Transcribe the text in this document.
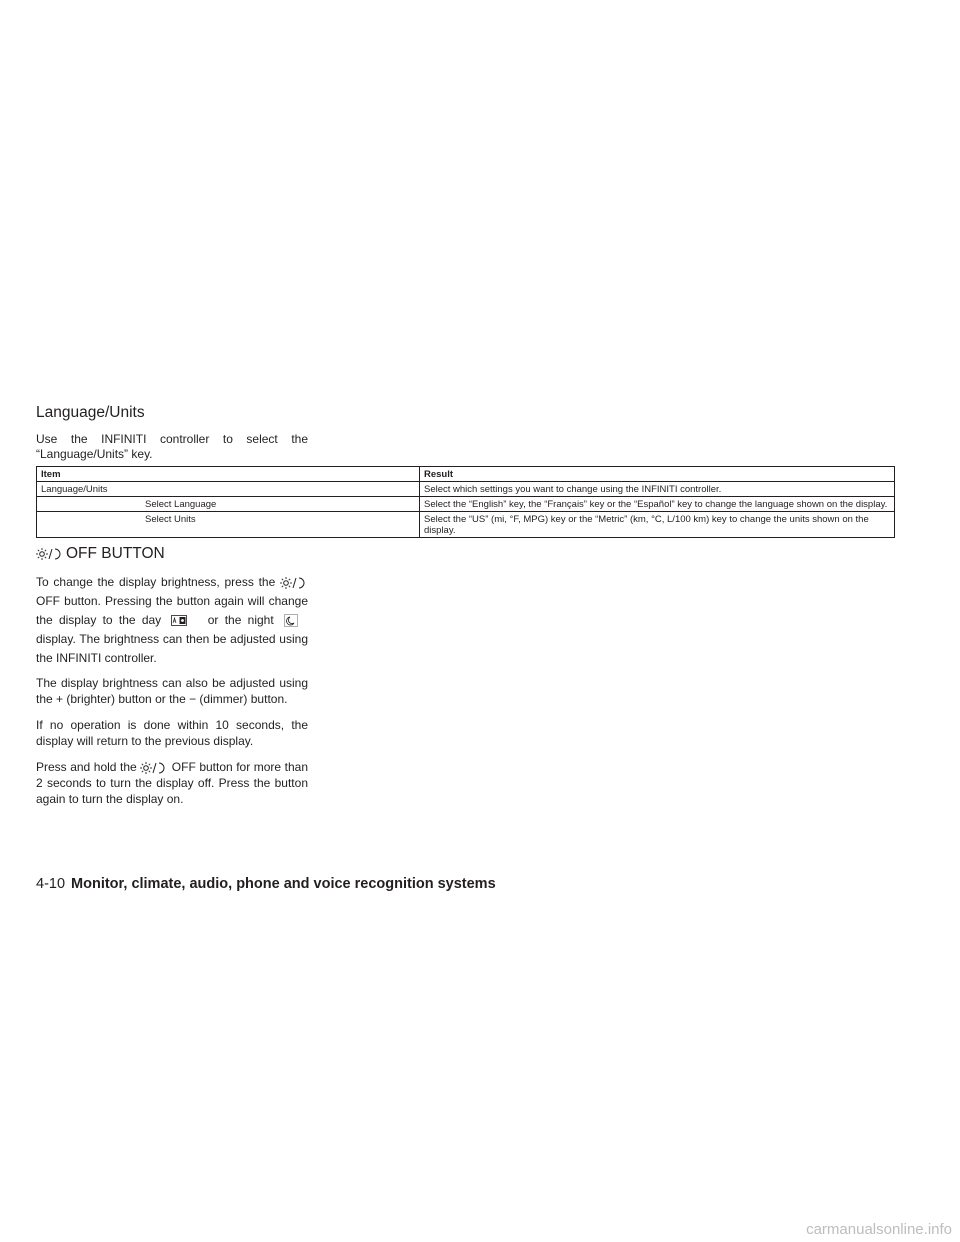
Language/Units

Use the INFINITI controller to select the “Language/Units” key.

Item	Result
Language/Units	Select which settings you want to change using the INFINITI controller.
Select Language	Select the “English” key, the “Français” key or the “Español” key to change the language shown on the display.
Select Units	Select the “US” (mi, °F, MPG) key or the “Metric” (km, °C, L/100 km) key to change the units shown on the display.
OFF BUTTON

To change the display brightness, press the  OFF button. Pressing the button again will change the display to the day	or the night  display. The brightness can then be adjusted using the INFINITI controller.

The display brightness can also be adjusted using the + (brighter) button or the − (dimmer) button.

If no operation is done within 10 seconds, the display will return to the previous display.

Press and hold the	OFF button for more than 2 seconds to turn the display off. Press the button again to turn the display on.

4-10 Monitor, climate, audio, phone and voice recognition systems
carmanualsonline.info
